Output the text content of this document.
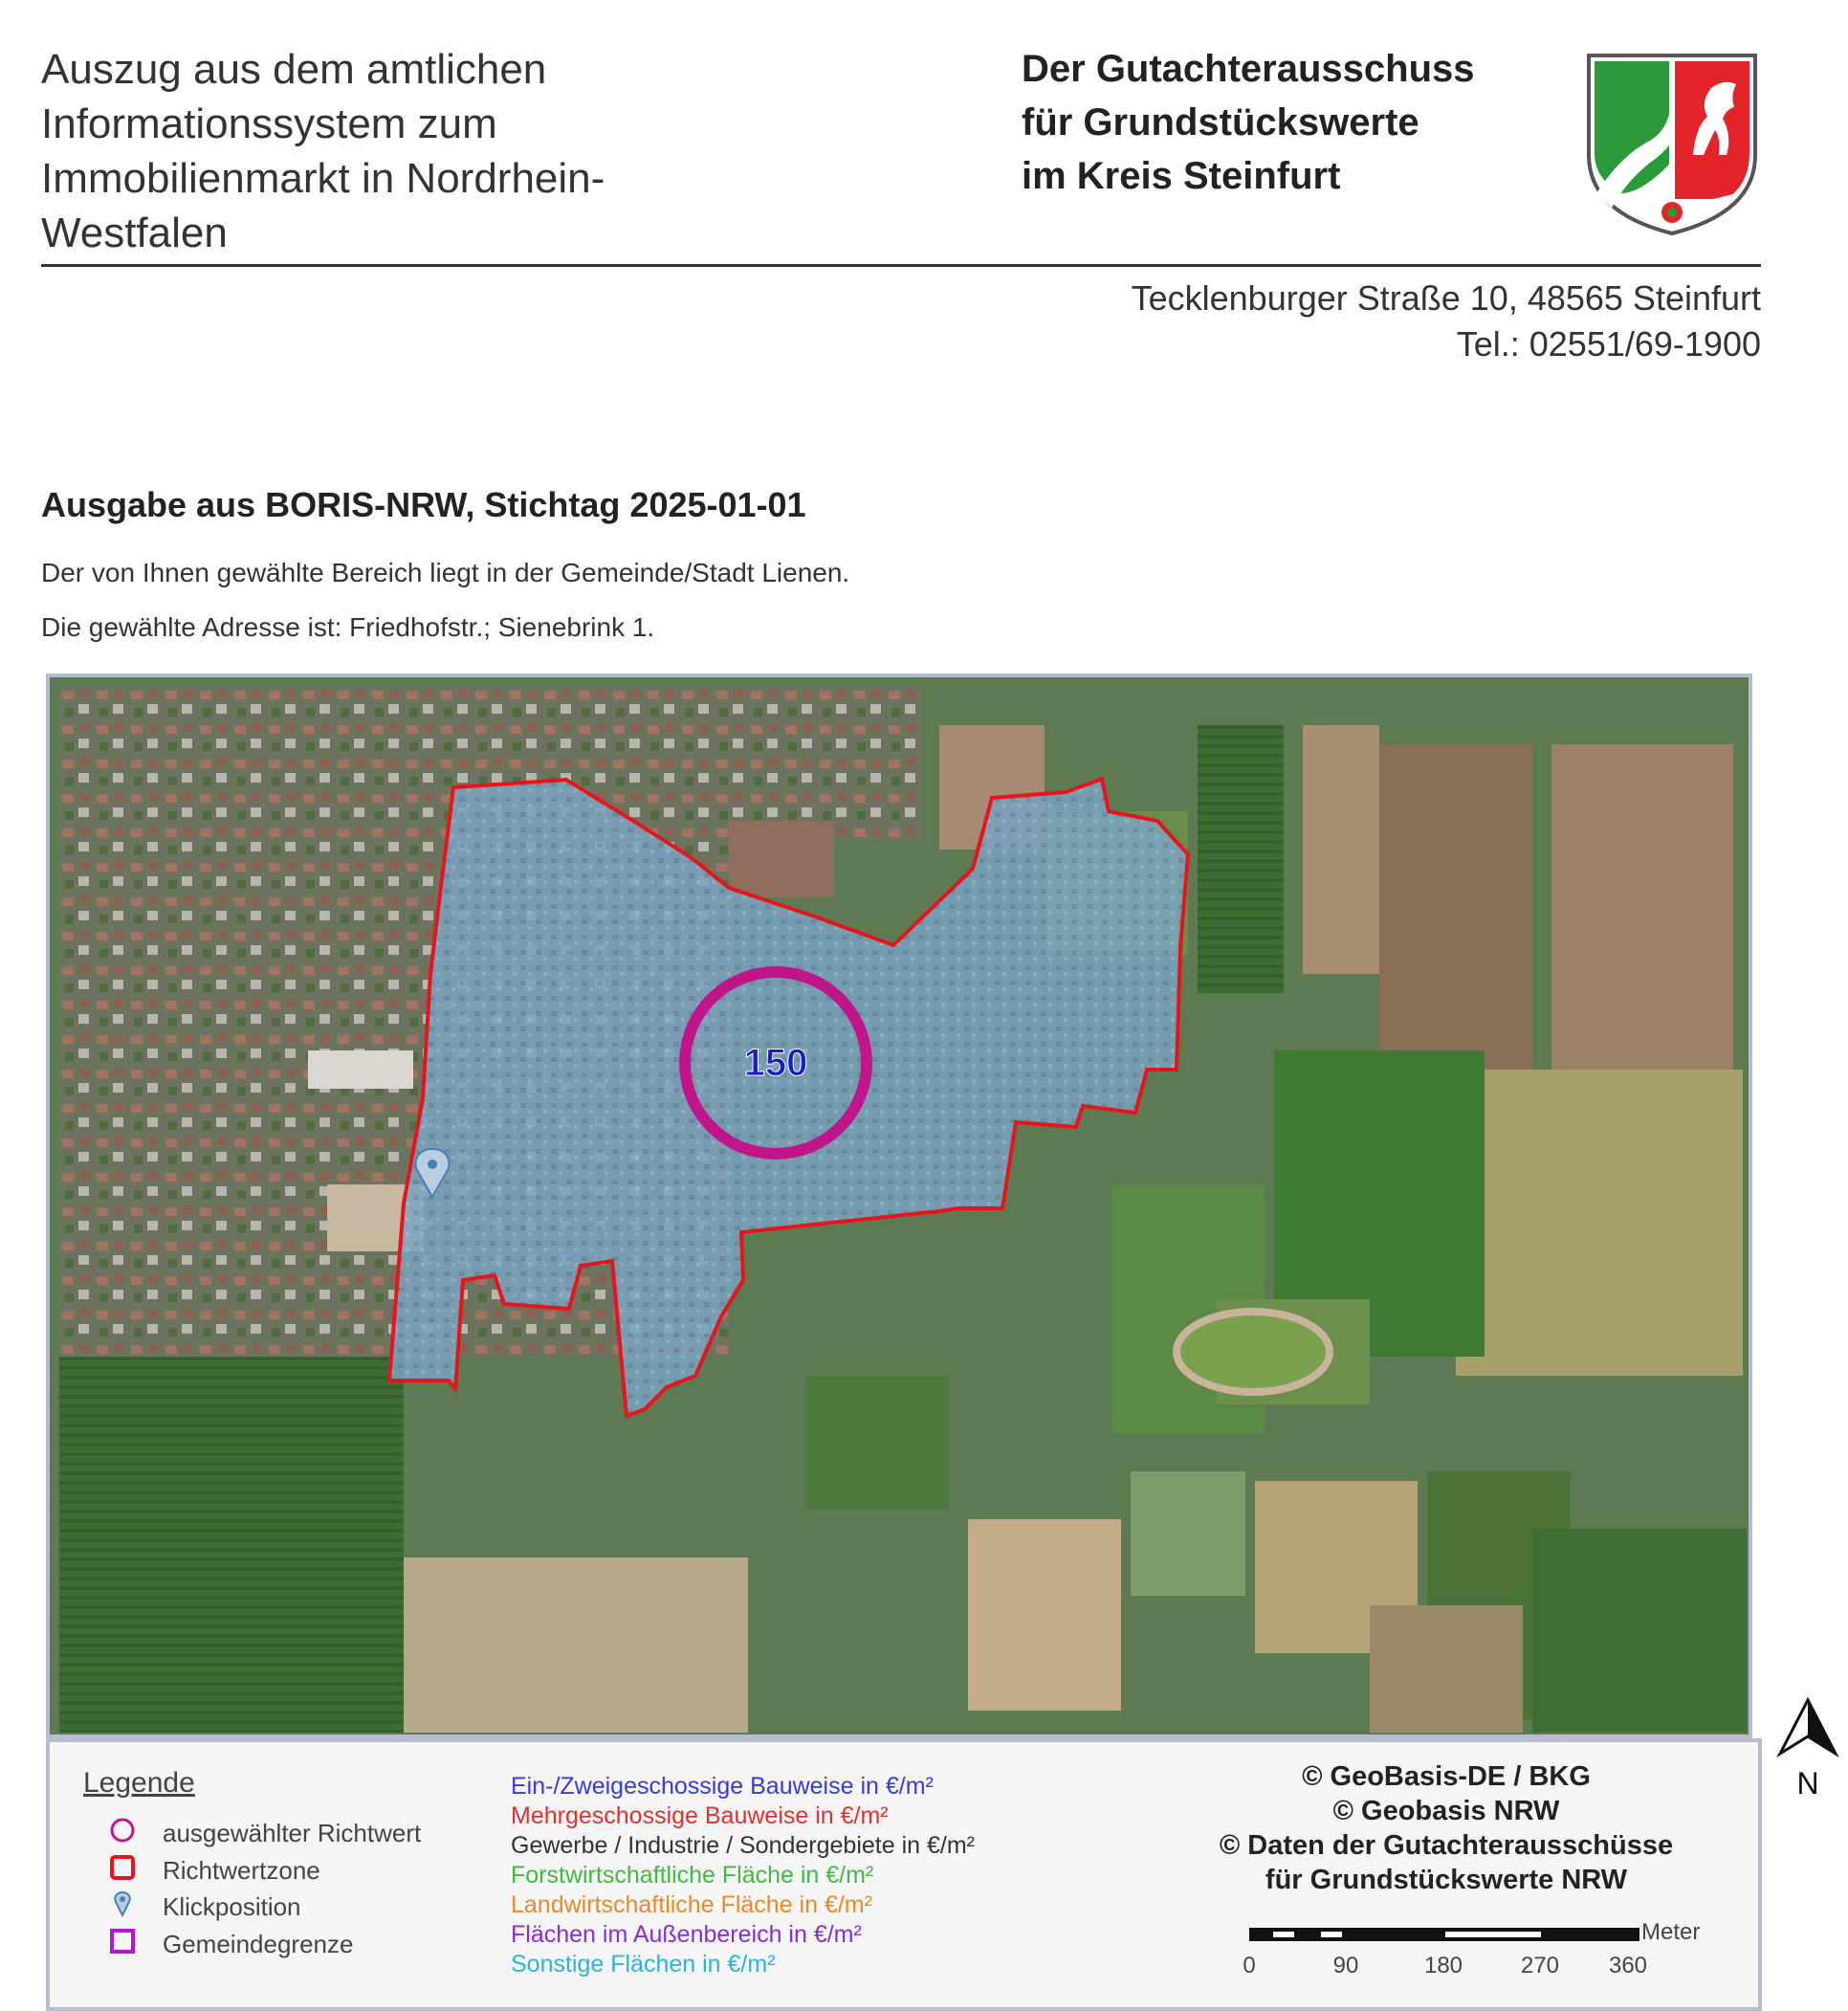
Auszug aus dem amtlichen
Informationssystem zum
Immobilienmarkt in Nordrhein-
Westfalen
Der Gutachterausschuss
für Grundstückswerte
im Kreis Steinfurt
Tecklenburger Straße 10, 48565 Steinfurt
Tel.: 02551/69-1900
Ausgabe aus BORIS-NRW, Stichtag 2025-01-01
Der von Ihnen gewählte Bereich liegt in der Gemeinde/Stadt Lienen.
Die gewählte Adresse ist: Friedhofstr.; Sienebrink 1.
150
N
Legende
ausgewählter Richtwert
Richtwertzone
Klickposition
Gemeindegrenze
Ein-/Zweigeschossige Bauweise in €/m²
Mehrgeschossige Bauweise in €/m²
Gewerbe / Industrie / Sondergebiete in €/m²
Forstwirtschaftliche Fläche in €/m²
Landwirtschaftliche Fläche in €/m²
Flächen im Außenbereich in €/m²
Sonstige Flächen in €/m²
© GeoBasis-DE / BKG
© Geobasis NRW
© Daten der Gutachterausschüsse
für Grundstückswerte NRW
Meter
0	90	180	270 360
